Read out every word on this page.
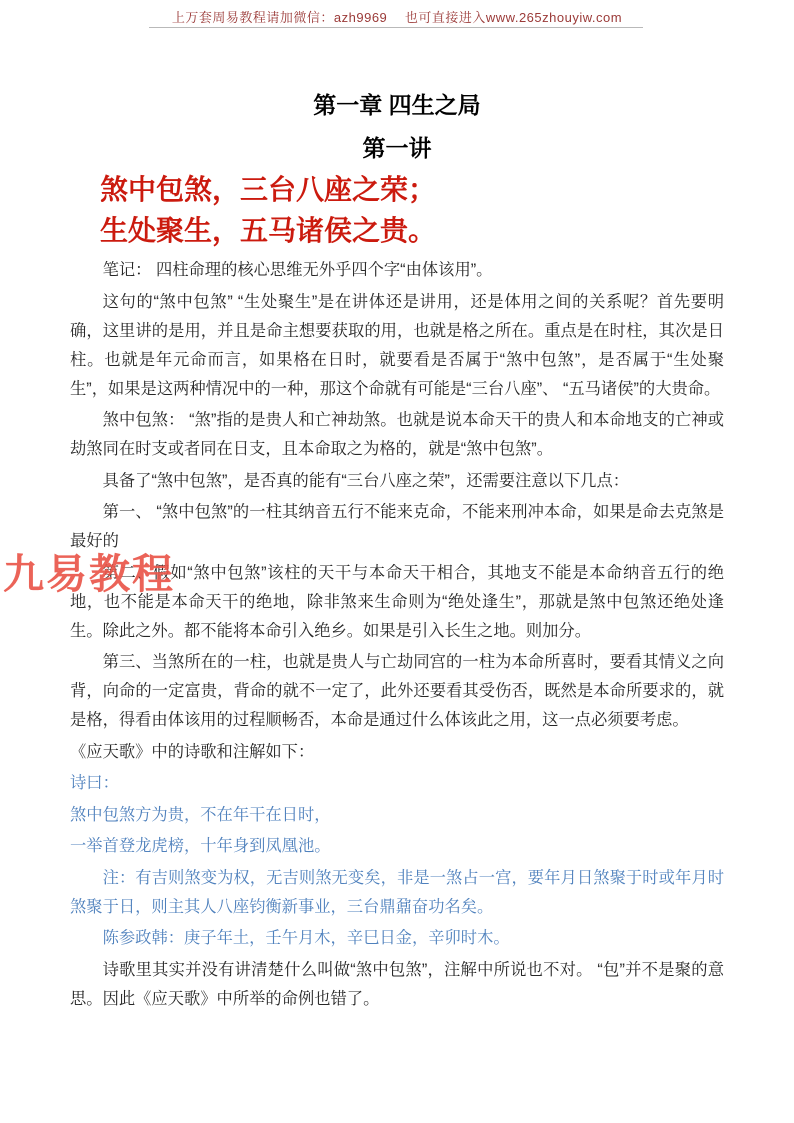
上万套周易教程请加微信：azh9969　 也可直接进入www.265zhouyiw.com
九易教程
第一章 四生之局
第一讲

煞中包煞，三台八座之荣；

生处聚生，五马诸侯之贵。

笔记： 四柱命理的核心思维无外乎四个字“由体该用”。

这句的“煞中包煞” “生处聚生”是在讲体还是讲用，还是体用之间的关系呢？首先要明确，这里讲的是用，并且是命主想要获取的用，也就是格之所在。重点是在时柱，其次是日柱。也就是年元命而言，如果格在日时，就要看是否属于“煞中包煞”，是否属于“生处聚生”，如果是这两种情况中的一种，那这个命就有可能是“三台八座”、 “五马诸侯”的大贵命。

煞中包煞： “煞”指的是贵人和亡神劫煞。也就是说本命天干的贵人和本命地支的亡神或劫煞同在时支或者同在日支，且本命取之为格的，就是“煞中包煞”。

具备了“煞中包煞”，是否真的能有“三台八座之荣”，还需要注意以下几点：

第一、 “煞中包煞”的一柱其纳音五行不能来克命，不能来刑冲本命，如果是命去克煞是最好的

第二、假如“煞中包煞”该柱的天干与本命天干相合，其地支不能是本命纳音五行的绝地，也不能是本命天干的绝地，除非煞来生命则为“绝处逢生”，那就是煞中包煞还绝处逢生。除此之外。都不能将本命引入绝乡。如果是引入长生之地。则加分。

第三、当煞所在的一柱，也就是贵人与亡劫同宫的一柱为本命所喜时，要看其情义之向背，向命的一定富贵，背命的就不一定了，此外还要看其受伤否，既然是本命所要求的，就是格，得看由体该用的过程顺畅否，本命是通过什么体该此之用，这一点必须要考虑。

《应天歌》中的诗歌和注解如下：

诗曰：

煞中包煞方为贵，不在年干在日时，

一举首登龙虎榜，十年身到凤凰池。

注：有吉则煞变为权，无吉则煞无变矣，非是一煞占一宫，要年月日煞聚于时或年月时煞聚于日，则主其人八座钧衡新事业，三台鼎鼐奋功名矣。

陈参政韩：庚子年土，壬午月木，辛巳日金，辛卯时木。

诗歌里其实并没有讲清楚什么叫做“煞中包煞”，注解中所说也不对。 “包”并不是聚的意思。因此《应天歌》中所举的命例也错了。
